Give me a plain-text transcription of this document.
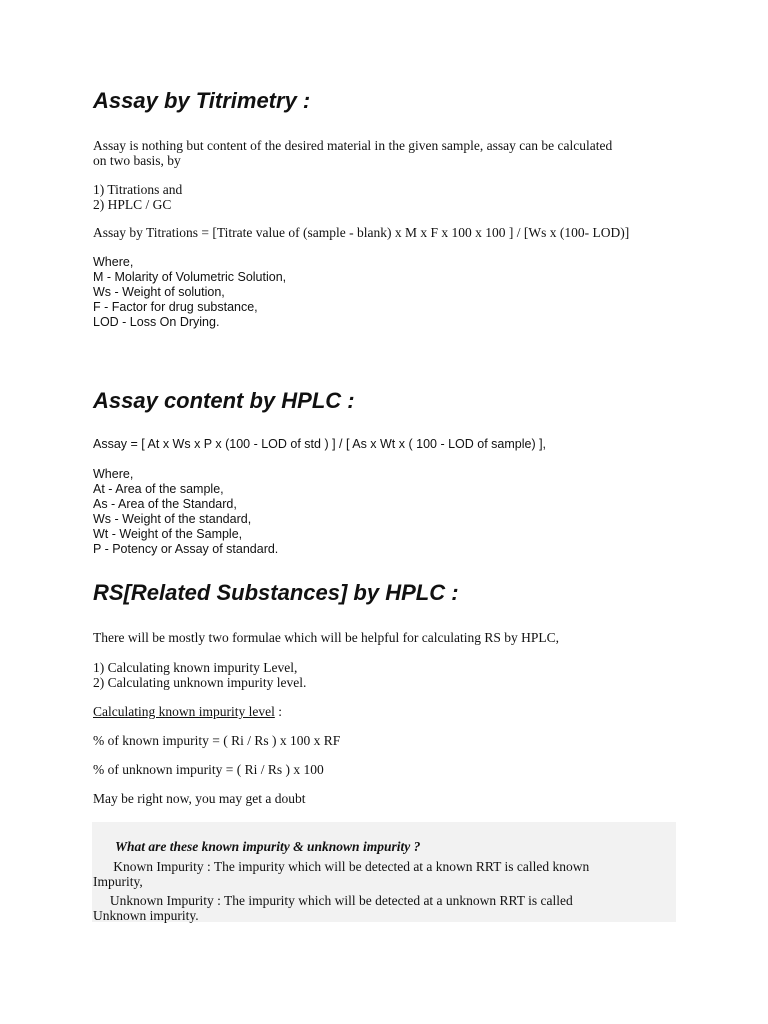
Assay by Titrimetry :
Assay is nothing but content of the desired material in the given sample, assay can be calculated
on two basis, by
1) Titrations and
2) HPLC / GC
Assay by Titrations = [Titrate value of (sample - blank) x M x F x 100 x 100 ] / [Ws x (100- LOD)]
Where,
M - Molarity of Volumetric Solution,
Ws - Weight of solution,
F - Factor for drug substance,
LOD - Loss On Drying.
Assay content by HPLC :
Assay = [ At x Ws x P x (100 - LOD of std ) ] / [ As x Wt x ( 100 - LOD of sample) ],
Where,
At - Area of the sample,
As - Area of the Standard,
Ws - Weight of the standard,
Wt - Weight of the Sample,
P - Potency or Assay of standard.
RS[Related Substances] by HPLC :
There will be mostly two formulae which will be helpful for calculating RS by HPLC,
1) Calculating known impurity Level,
2) Calculating unknown impurity level.
Calculating known impurity level :
% of known impurity = ( Ri / Rs ) x 100 x RF
% of unknown impurity = ( Ri / Rs ) x 100
May be right now, you may get a doubt
What are these known impurity & unknown impurity ?
Known Impurity : The impurity which will be detected at a known RRT is called known
Impurity,
Unknown Impurity : The impurity which will be detected at a unknown RRT is called
Unknown impurity.
